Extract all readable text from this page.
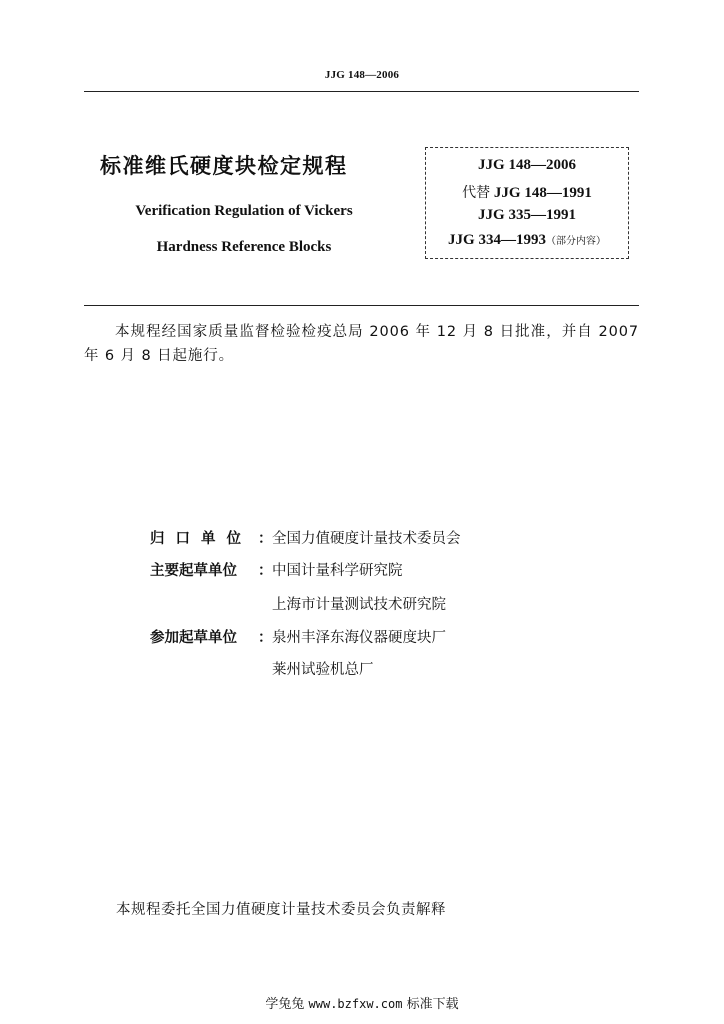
JJG 148—2006
标准维氏硬度块检定规程
Verification Regulation of Vickers
Hardness Reference Blocks
JJG 148—2006
代替 JJG 148—1991
JJG 335—1991
JJG 334—1993（部分内容）
本规程经国家质量监督检验检疫总局 2006 年 12 月 8 日批准，并自 2007 年 6 月 8 日起施行。
归口单位 ： 全国力值硬度计量技术委员会
主要起草单位	： 中国计量科学研究院
上海市计量测试技术研究院
参加起草单位	： 泉州丰泽东海仪器硬度块厂
莱州试验机总厂
本规程委托全国力值硬度计量技术委员会负责解释
学兔兔 www.bzfxw.com 标准下载
